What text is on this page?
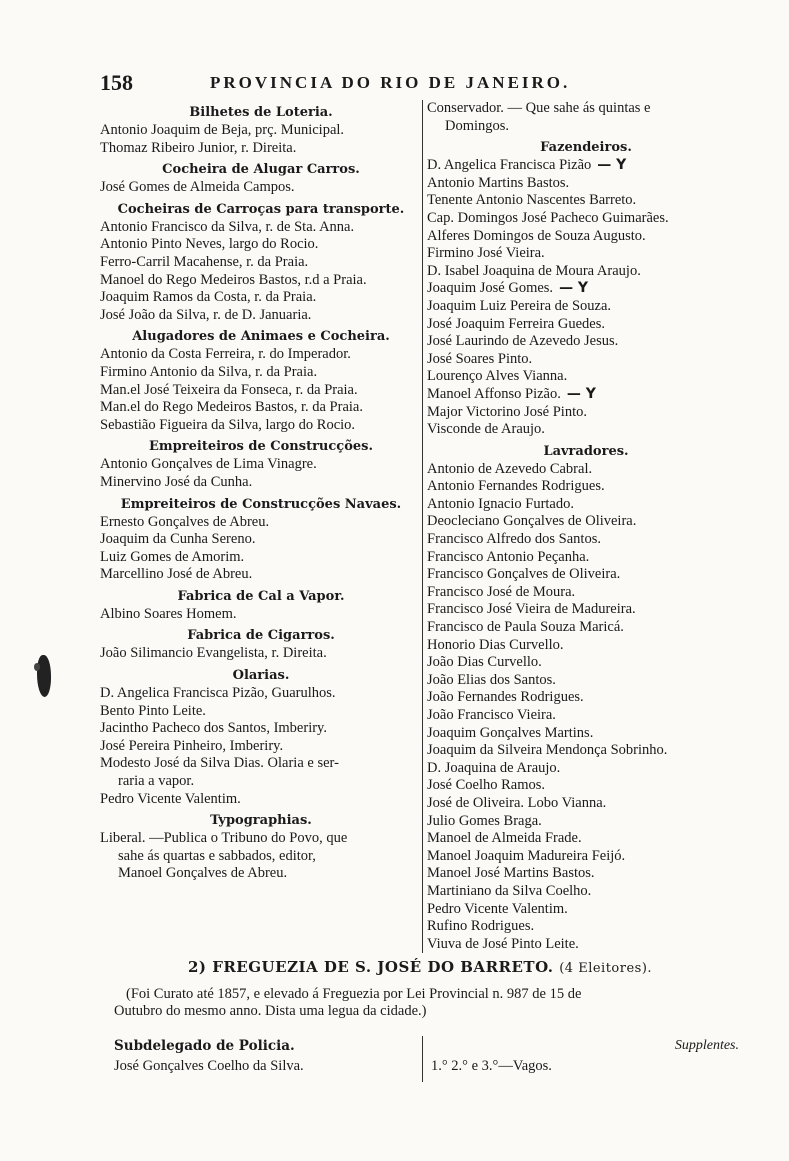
158	PROVINCIA DO RIO DE JANEIRO.
Bilhetes de Loteria.
Antonio Joaquim de Beja, prç. Municipal.
Thomaz Ribeiro Junior, r. Direita.
Cocheira de Alugar Carros.
José Gomes de Almeida Campos.
Cocheiras de Carroças para transporte.
Antonio Francisco da Silva, r. de Sta. Anna.
Antonio Pinto Neves, largo do Rocio.
Ferro-Carril Macahense, r. da Praia.
Manoel do Rego Medeiros Bastos, r.d a Praia.
Joaquim Ramos da Costa, r. da Praia.
José João da Silva, r. de D. Januaria.
Alugadores de Animaes e Cocheira.
Antonio da Costa Ferreira, r. do Imperador.
Firmino Antonio da Silva, r. da Praia.
Man.el José Teixeira da Fonseca, r. da Praia.
Man.el do Rego Medeiros Bastos, r. da Praia.
Sebastião Figueira da Silva, largo do Rocio.
Empreiteiros de Construcções.
Antonio Gonçalves de Lima Vinagre.
Minervino José da Cunha.
Empreiteiros de Construcções Navaes.
Ernesto Gonçalves de Abreu.
Joaquim da Cunha Sereno.
Luiz Gomes de Amorim.
Marcellino José de Abreu.
Fabrica de Cal a Vapor.
Albino Soares Homem.
Fabrica de Cigarros.
João Silimancio Evangelista, r. Direita.
Olarias.
D. Angelica Francisca Pizão, Guarulhos.
Bento Pinto Leite.
Jacintho Pacheco dos Santos, Imberiry.
José Pereira Pinheiro, Imberiry.
Modesto José da Silva Dias. Olaria e ser-
raria a vapor.
Pedro Vicente Valentim.
Typographias.
Liberal. —Publica o Tribuno do Povo, que
sahe ás quartas e sabbados, editor,
Manoel Gonçalves de Abreu.
Conservador. — Que sahe ás quintas e
Domingos.
Fazendeiros.
D. Angelica Francisca Pizão — Y
Antonio Martins Bastos.
Tenente Antonio Nascentes Barreto.
Cap. Domingos José Pacheco Guimarães.
Alferes Domingos de Souza Augusto.
Firmino José Vieira.
D. Isabel Joaquina de Moura Araujo.
Joaquim José Gomes. — Y
Joaquim Luiz Pereira de Souza.
José Joaquim Ferreira Guedes.
José Laurindo de Azevedo Jesus.
José Soares Pinto.
Lourenço Alves Vianna.
Manoel Affonso Pizão. — Y
Major Victorino José Pinto.
Visconde de Araujo.
Lavradores.
Antonio de Azevedo Cabral.
Antonio Fernandes Rodrigues.
Antonio Ignacio Furtado.
Deocleciano Gonçalves de Oliveira.
Francisco Alfredo dos Santos.
Francisco Antonio Peçanha.
Francisco Gonçalves de Oliveira.
Francisco José de Moura.
Francisco José Vieira de Madureira.
Francisco de Paula Souza Maricá.
Honorio Dias Curvello.
João Dias Curvello.
João Elias dos Santos.
João Fernandes Rodrigues.
João Francisco Vieira.
Joaquim Gonçalves Martins.
Joaquim da Silveira Mendonça Sobrinho.
D. Joaquina de Araujo.
José Coelho Ramos.
José de Oliveira. Lobo Vianna.
Julio Gomes Braga.
Manoel de Almeida Frade.
Manoel Joaquim Madureira Feijó.
Manoel José Martins Bastos.
Martiniano da Silva Coelho.
Pedro Vicente Valentim.
Rufino Rodrigues.
Viuva de José Pinto Leite.
2) FREGUEZIA DE S. JOSÉ DO BARRETO. (4 Eleitores).
(Foi Curato até 1857, e elevado á Freguezia por Lei Provincial n. 987 de 15 de
Outubro do mesmo anno. Dista uma legua da cidade.)
Subdelegado de Policia.
José Gonçalves Coelho da Silva.
Supplentes.
1.° 2.° e 3.°—Vagos.
